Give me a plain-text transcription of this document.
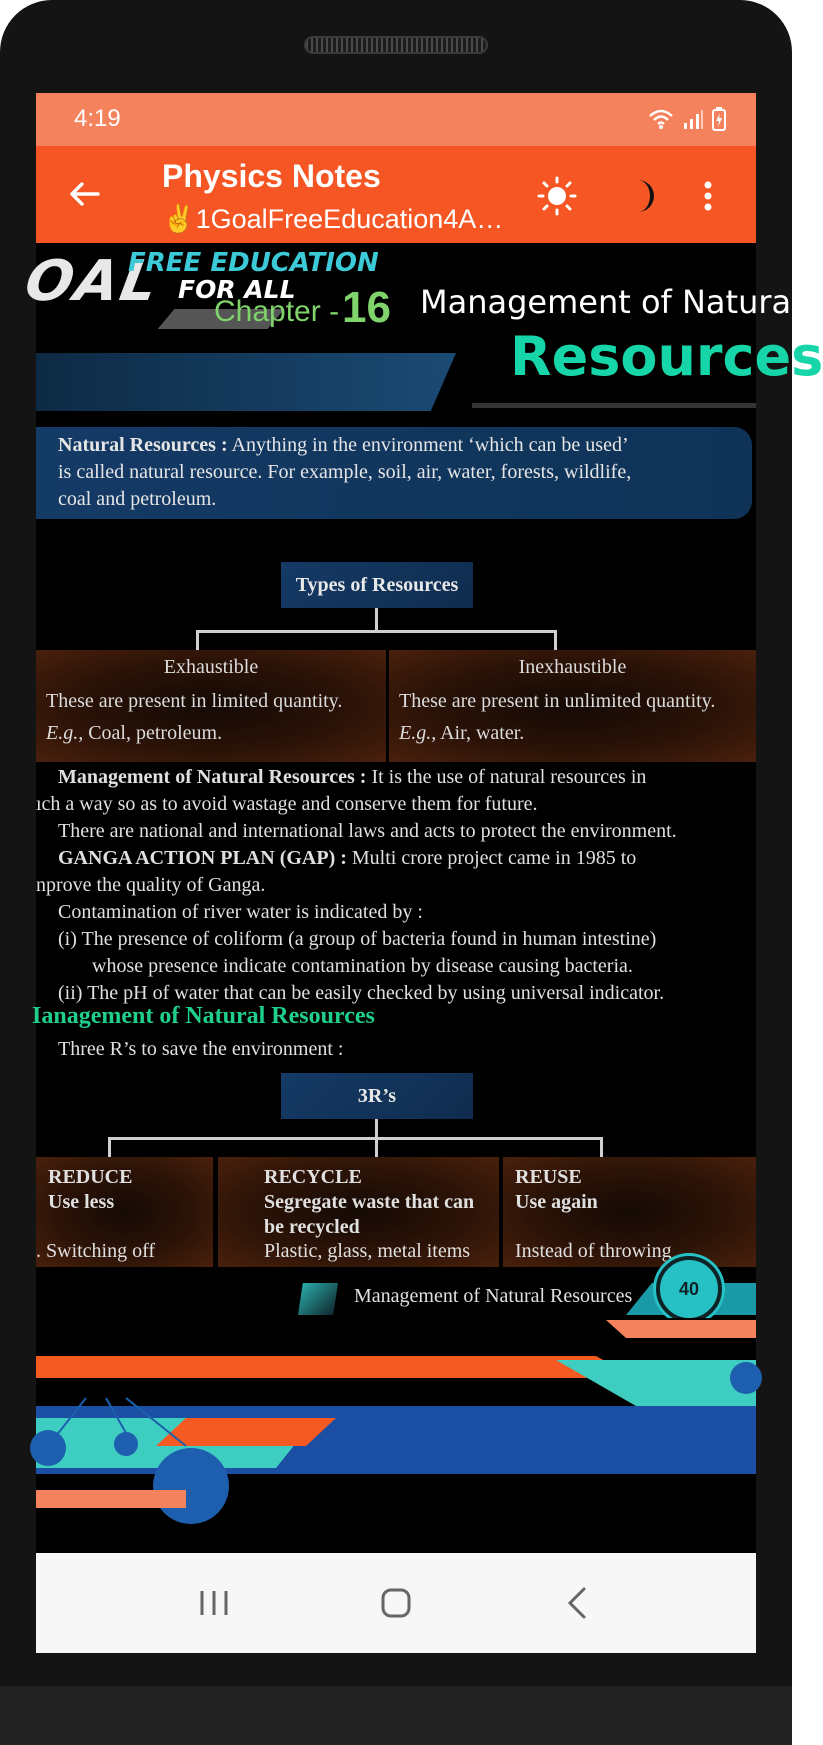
4:19
Physics Notes
✌️1GoalFreeEducation4A…
OAL
FREE EDUCATION
FOR ALL
Chapter - 16 Management of Natura
Resources
Natural Resources : Anything in the environment ‘which can be used’
is called natural resource. For example, soil, air, water, forests, wildlife,
coal and petroleum.
Types of Resources
Exhaustible
These are present in limited quantity.
E.g., Coal, petroleum.
Inexhaustible
These are present in unlimited quantity.
E.g., Air, water.
Management of Natural Resources : It is the use of natural resources in
ıch a way so as to avoid wastage and conserve them for future.
There are national and international laws and acts to protect the environment.
GANGA ACTION PLAN (GAP) : Multi crore project came in 1985 to
nprove the quality of Ganga.
Contamination of river water is indicated by :
(i) The presence of coliform (a group of bacteria found in human intestine)
whose presence indicate contamination by disease causing bacteria.
(ii) The pH of water that can be easily checked by using universal indicator.
Ianagement of Natural Resources
Three R’s to save the environment :
3R’s
REDUCE
Use less
. Switching off
RECYCLE
Segregate waste that can
be recycled
Plastic, glass, metal items
REUSE
Use again
Instead of throwing
Management of Natural Resources	40
